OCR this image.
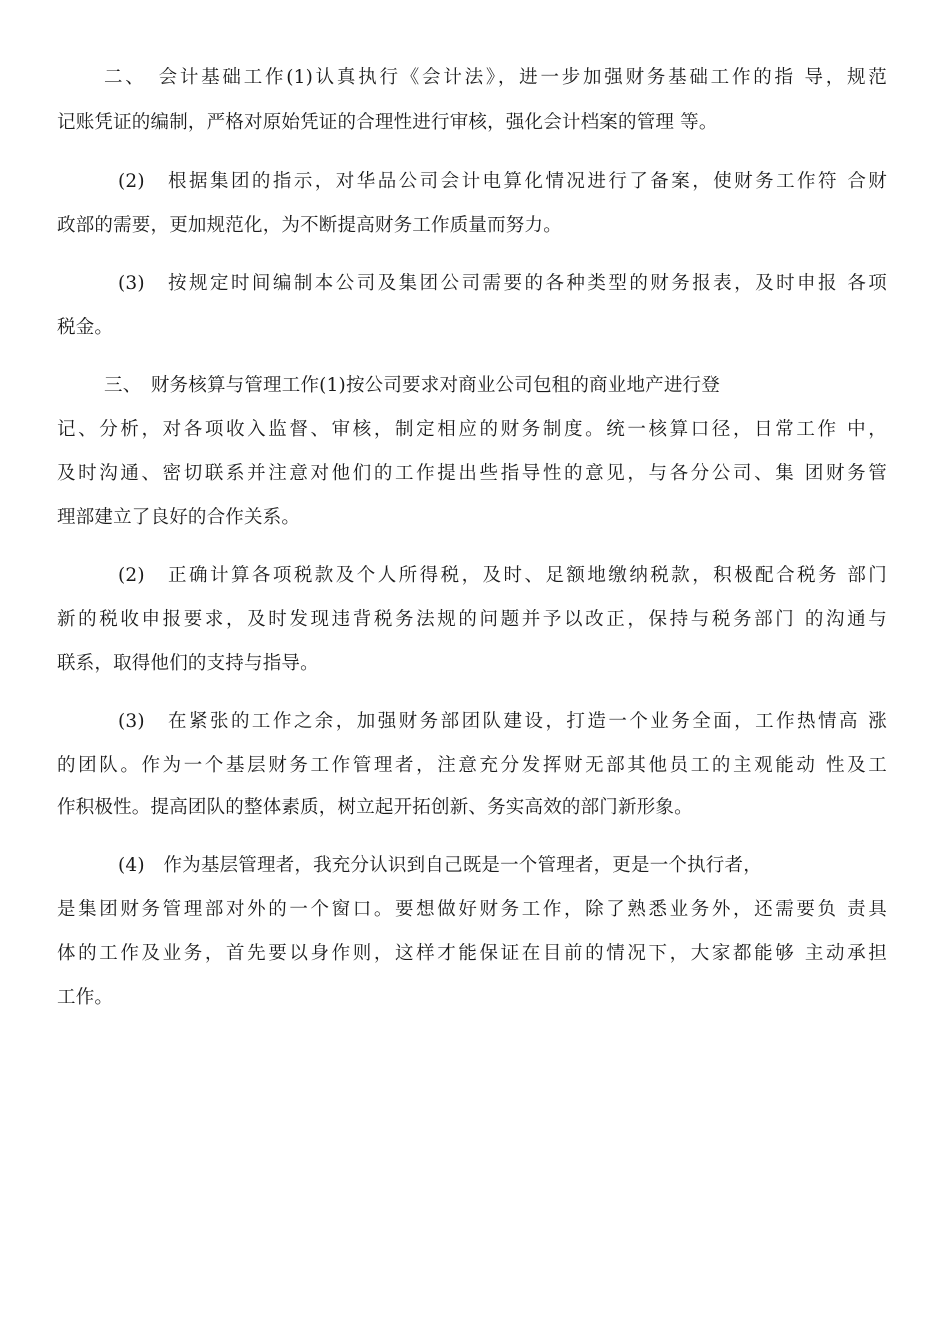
二、　会计基础工作(1)认真执行《会计法》，进一步加强财务基础工作的指 导，规范
记账凭证的编制，严格对原始凭证的合理性进行审核，强化会计档案的管理 等。
(2)　根据集团的指示，对华品公司会计电算化情况进行了备案，使财务工作符 合财
政部的需要，更加规范化，为不断提高财务工作质量而努力。
(3)　按规定时间编制本公司及集团公司需要的各种类型的财务报表，及时申报 各项
税金。
三、　财务核算与管理工作(1)按公司要求对商业公司包租的商业地产进行登
记、分析，对各项收入监督、审核，制定相应的财务制度。统一核算口径，日常工作 中，
及时沟通、密切联系并注意对他们的工作提出些指导性的意见，与各分公司、集 团财务管
理部建立了良好的合作关系。
(2)　正确计算各项税款及个人所得税，及时、足额地缴纳税款，积极配合税务 部门
新的税收申报要求，及时发现违背税务法规的问题并予以改正，保持与税务部门 的沟通与
联系，取得他们的支持与指导。
(3)　在紧张的工作之余，加强财务部团队建设，打造一个业务全面，工作热情高 涨
的团队。作为一个基层财务工作管理者，注意充分发挥财无部其他员工的主观能动 性及工
作积极性。提高团队的整体素质，树立起开拓创新、务实高效的部门新形象。
(4)　作为基层管理者，我充分认识到自己既是一个管理者，更是一个执行者，
是集团财务管理部对外的一个窗口。要想做好财务工作，除了熟悉业务外，还需要负 责具
体的工作及业务，首先要以身作则，这样才能保证在目前的情况下，大家都能够 主动承担
工作。
